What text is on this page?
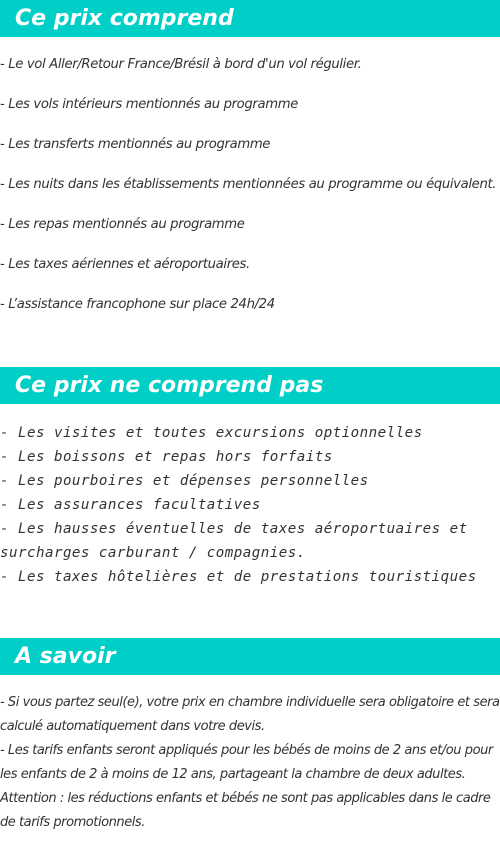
Ce prix comprend
- Le vol Aller/Retour France/Brésil à bord d'un vol régulier.
- Les vols intérieurs mentionnés au programme
- Les transferts mentionnés au programme
- Les nuits dans les établissements mentionnées au programme ou équivalent.
- Les repas mentionnés au programme
- Les taxes aériennes et aéroportuaires.
- L’assistance francophone sur place 24h/24
Ce prix ne comprend pas
- Les visites et toutes excursions optionnelles
- Les boissons et repas hors forfaits
- Les pourboires et dépenses personnelles
- Les assurances facultatives
- Les hausses éventuelles de taxes aéroportuaires et surcharges carburant / compagnies.
- Les taxes hôtelières et de prestations touristiques
A savoir

- Si vous partez seul(e), votre prix en chambre individuelle sera obligatoire et sera calculé automatiquement dans votre devis.
- Les tarifs enfants seront appliqués pour les bébés de moins de 2 ans et/ou pour les enfants de 2 à moins de 12 ans, partageant la chambre de deux adultes.
Attention : les réductions enfants et bébés ne sont pas applicables dans le cadre de tarifs promotionnels.
